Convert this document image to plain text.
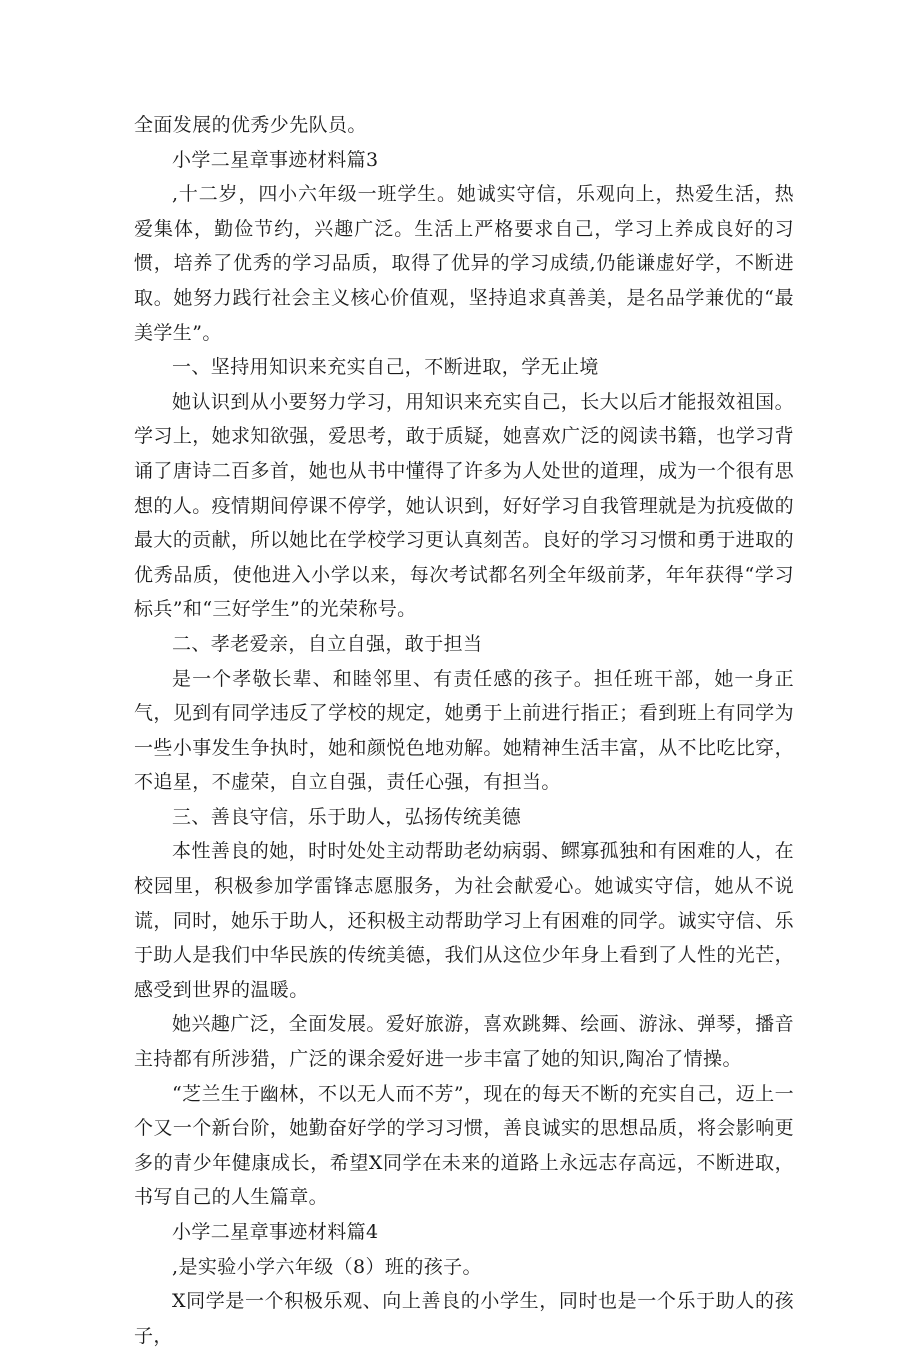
全面发展的优秀少先队员。

小学二星章事迹材料篇3

,十二岁，四小六年级一班学生。她诚实守信，乐观向上，热爱生活，热爱集体，勤俭节约，兴趣广泛。生活上严格要求自己，学习上养成良好的习惯，培养了优秀的学习品质，取得了优异的学习成绩,仍能谦虚好学，不断进取。她努力践行社会主义核心价值观，坚持追求真善美，是名品学兼优的“最美学生”。

一、坚持用知识来充实自己，不断进取，学无止境

她认识到从小要努力学习，用知识来充实自己，长大以后才能报效祖国。学习上，她求知欲强，爱思考，敢于质疑，她喜欢广泛的阅读书籍，也学习背诵了唐诗二百多首，她也从书中懂得了许多为人处世的道理，成为一个很有思想的人。疫情期间停课不停学，她认识到，好好学习自我管理就是为抗疫做的最大的贡献，所以她比在学校学习更认真刻苦。良好的学习习惯和勇于进取的优秀品质，使他进入小学以来，每次考试都名列全年级前茅，年年获得“学习标兵”和“三好学生”的光荣称号。

二、孝老爱亲，自立自强，敢于担当

是一个孝敬长辈、和睦邻里、有责任感的孩子。担任班干部，她一身正气，见到有同学违反了学校的规定，她勇于上前进行指正；看到班上有同学为一些小事发生争执时，她和颜悦色地劝解。她精神生活丰富，从不比吃比穿，不追星，不虚荣，自立自强，责任心强，有担当。

三、善良守信，乐于助人，弘扬传统美德

本性善良的她，时时处处主动帮助老幼病弱、鳏寡孤独和有困难的人，在校园里，积极参加学雷锋志愿服务，为社会献爱心。她诚实守信，她从不说谎，同时，她乐于助人，还积极主动帮助学习上有困难的同学。诚实守信、乐于助人是我们中华民族的传统美德，我们从这位少年身上看到了人性的光芒，感受到世界的温暖。

她兴趣广泛，全面发展。爱好旅游，喜欢跳舞、绘画、游泳、弹琴，播音主持都有所涉猎，广泛的课余爱好进一步丰富了她的知识,陶冶了情操。

“芝兰生于幽林，不以无人而不芳”，现在的每天不断的充实自己，迈上一个又一个新台阶，她勤奋好学的学习习惯，善良诚实的思想品质，将会影响更多的青少年健康成长，希望X同学在未来的道路上永远志存高远，不断进取，书写自己的人生篇章。

小学二星章事迹材料篇4

,是实验小学六年级（8）班的孩子。

X同学是一个积极乐观、向上善良的小学生，同时也是一个乐于助人的孩子，
